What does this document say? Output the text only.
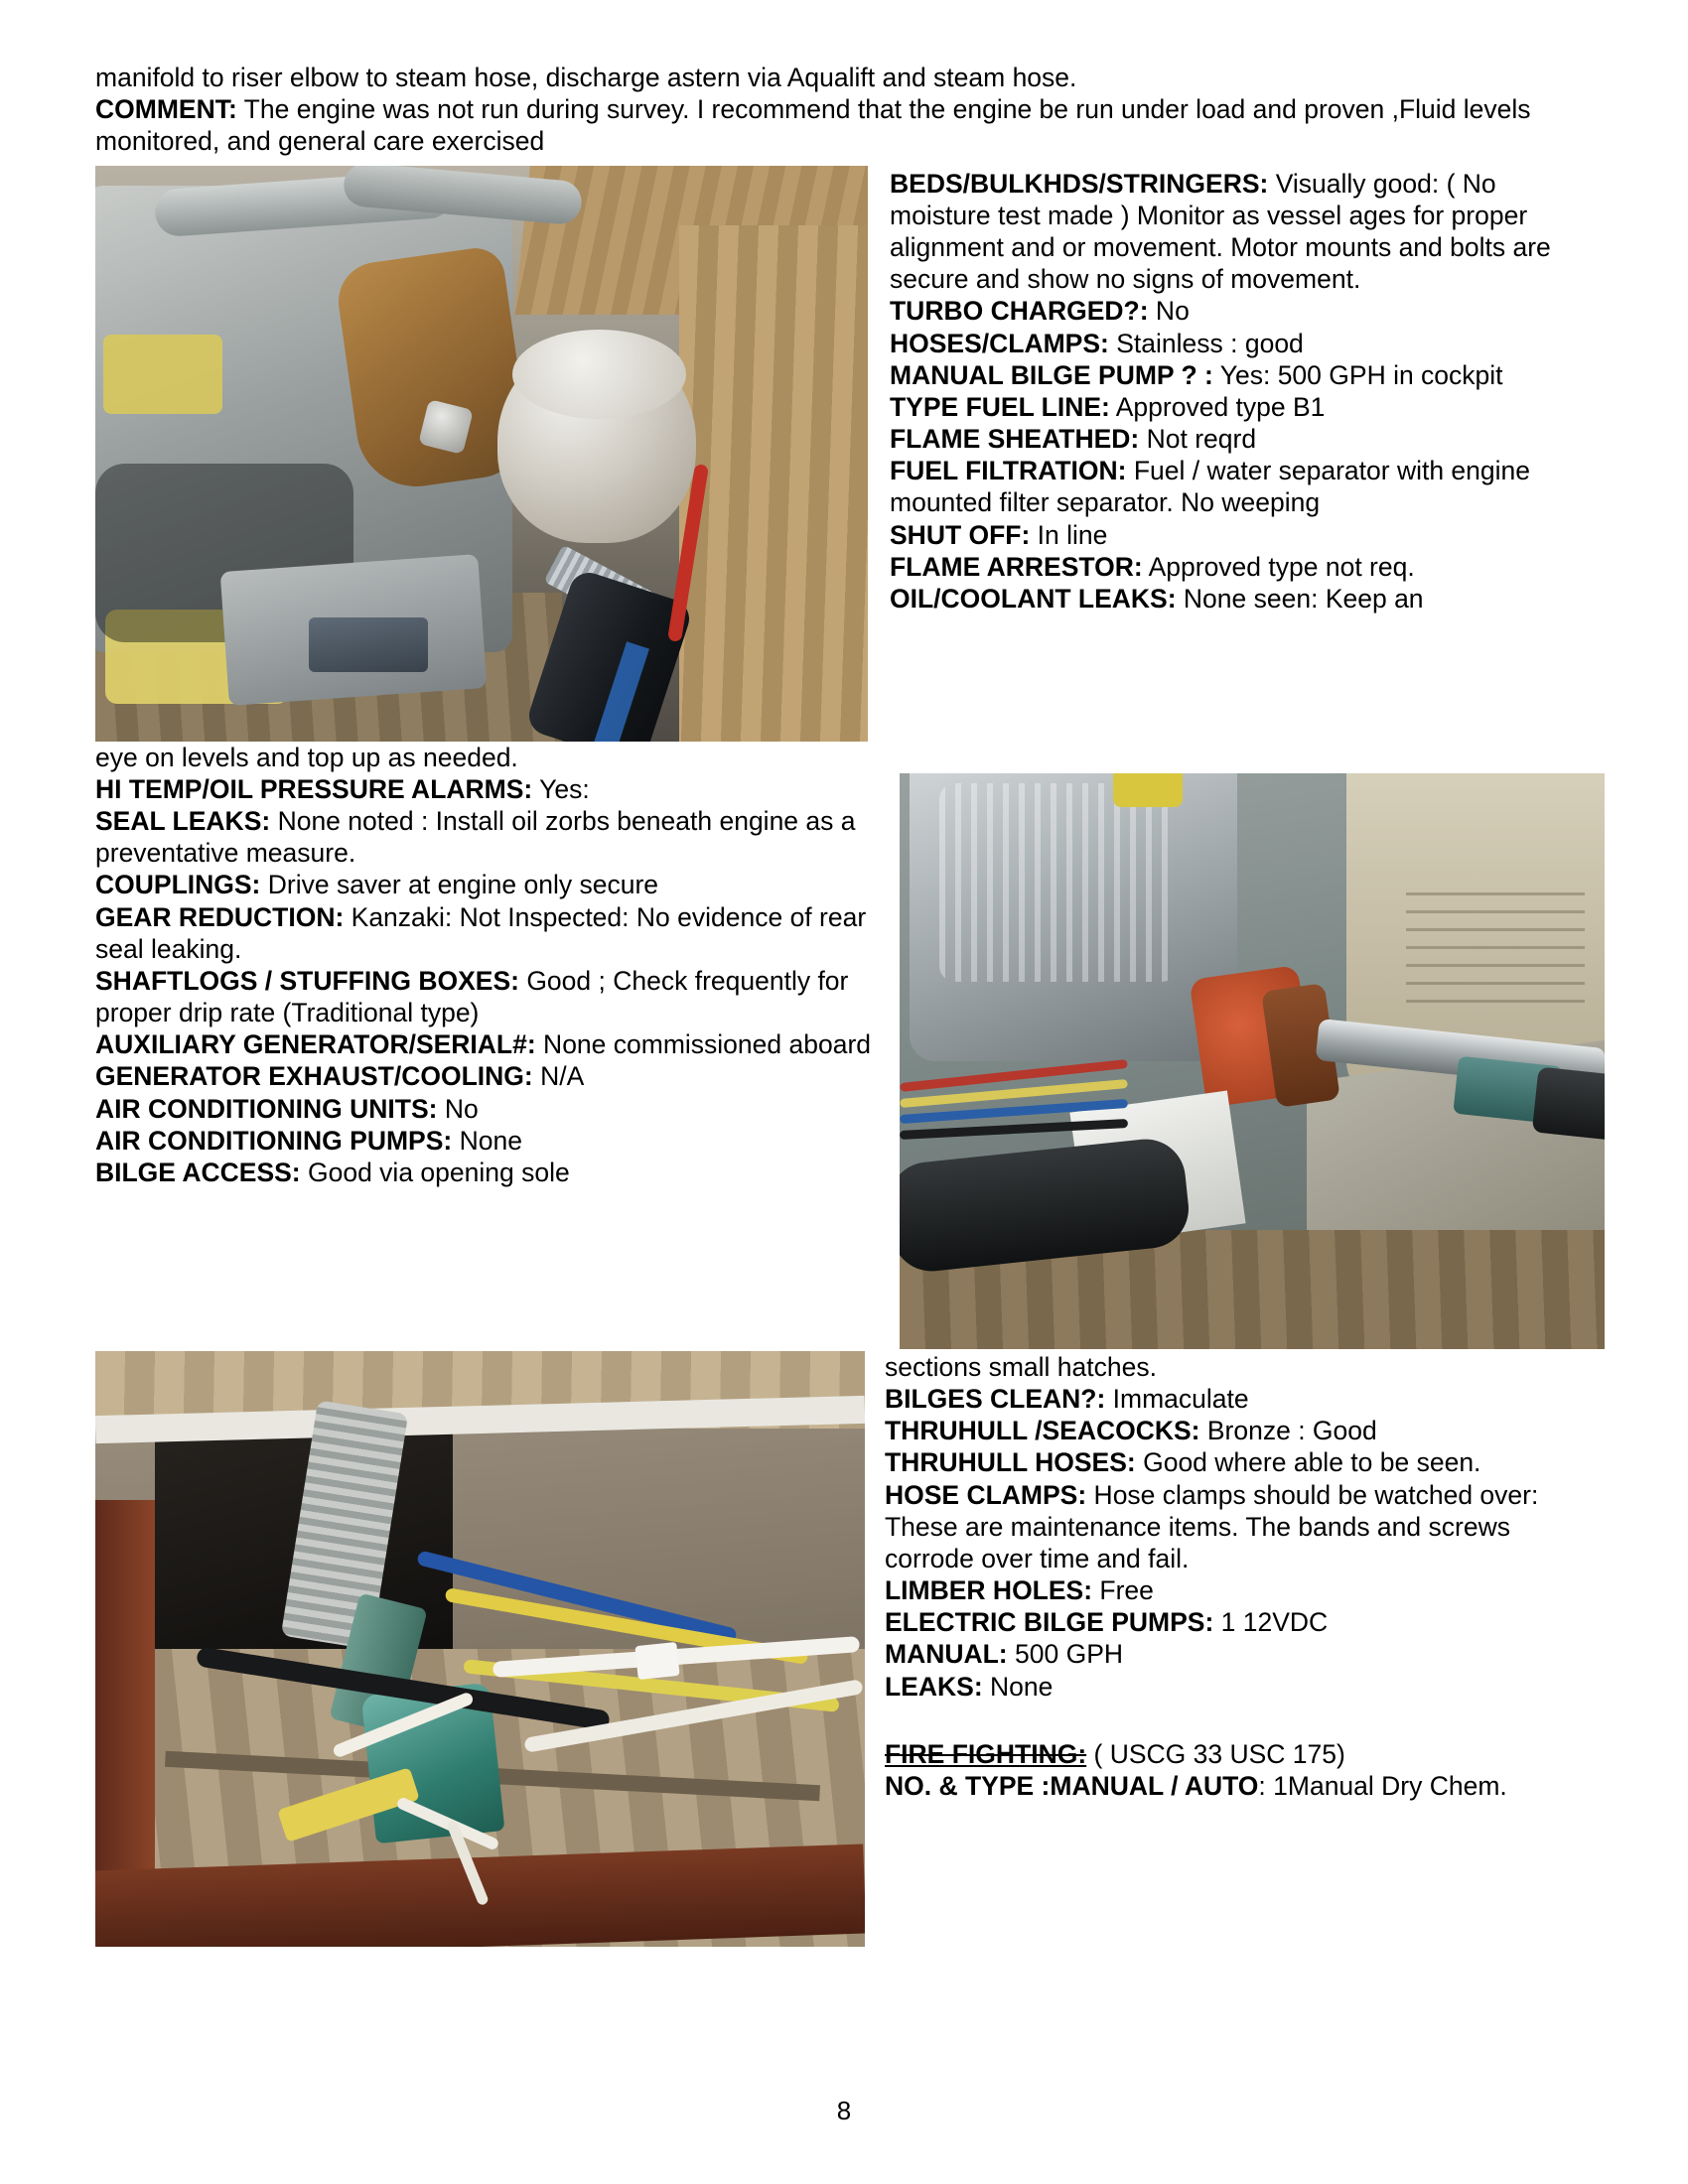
manifold to riser elbow to steam hose, discharge astern via Aqualift and steam hose.

COMMENT: The engine was not run during survey. I recommend that the engine be run under load and proven ,Fluid levels monitored, and general care exercised

BEDS/BULKHDS/STRINGERS: Visually good: ( No moisture test made ) Monitor as vessel ages for proper alignment and or movement. Motor mounts and bolts are secure and show no signs of movement.

TURBO CHARGED?: No

HOSES/CLAMPS: Stainless : good

MANUAL BILGE PUMP ? : Yes: 500 GPH in cockpit

TYPE FUEL LINE: Approved type B1

FLAME SHEATHED: Not reqrd

FUEL FILTRATION: Fuel / water separator with engine mounted filter separator. No weeping

SHUT OFF: In line

FLAME ARRESTOR: Approved type not req.

OIL/COOLANT LEAKS: None seen: Keep an

eye on levels and top up as needed.

HI TEMP/OIL PRESSURE ALARMS: Yes:

SEAL LEAKS: None noted : Install oil zorbs beneath engine as a preventative measure.

COUPLINGS: Drive saver at engine only secure

GEAR REDUCTION: Kanzaki: Not Inspected: No evidence of rear seal leaking.

SHAFTLOGS / STUFFING BOXES: Good ; Check frequently for proper drip rate (Traditional type)

AUXILIARY GENERATOR/SERIAL#: None commissioned aboard

GENERATOR EXHAUST/COOLING: N/A

AIR CONDITIONING UNITS: No

AIR CONDITIONING PUMPS: None

BILGE ACCESS: Good via opening sole

sections small hatches.

BILGES CLEAN?: Immaculate

THRUHULL /SEACOCKS: Bronze : Good

THRUHULL HOSES: Good where able to be seen.

HOSE CLAMPS: Hose clamps should be watched over: These are maintenance items. The bands and screws corrode over time and fail.

LIMBER HOLES: Free

ELECTRIC BILGE PUMPS: 1 12VDC

MANUAL: 500 GPH

LEAKS: None

FIRE FIGHTING: ( USCG 33 USC 175)

NO. & TYPE :MANUAL / AUTO: 1Manual Dry Chem.

8
